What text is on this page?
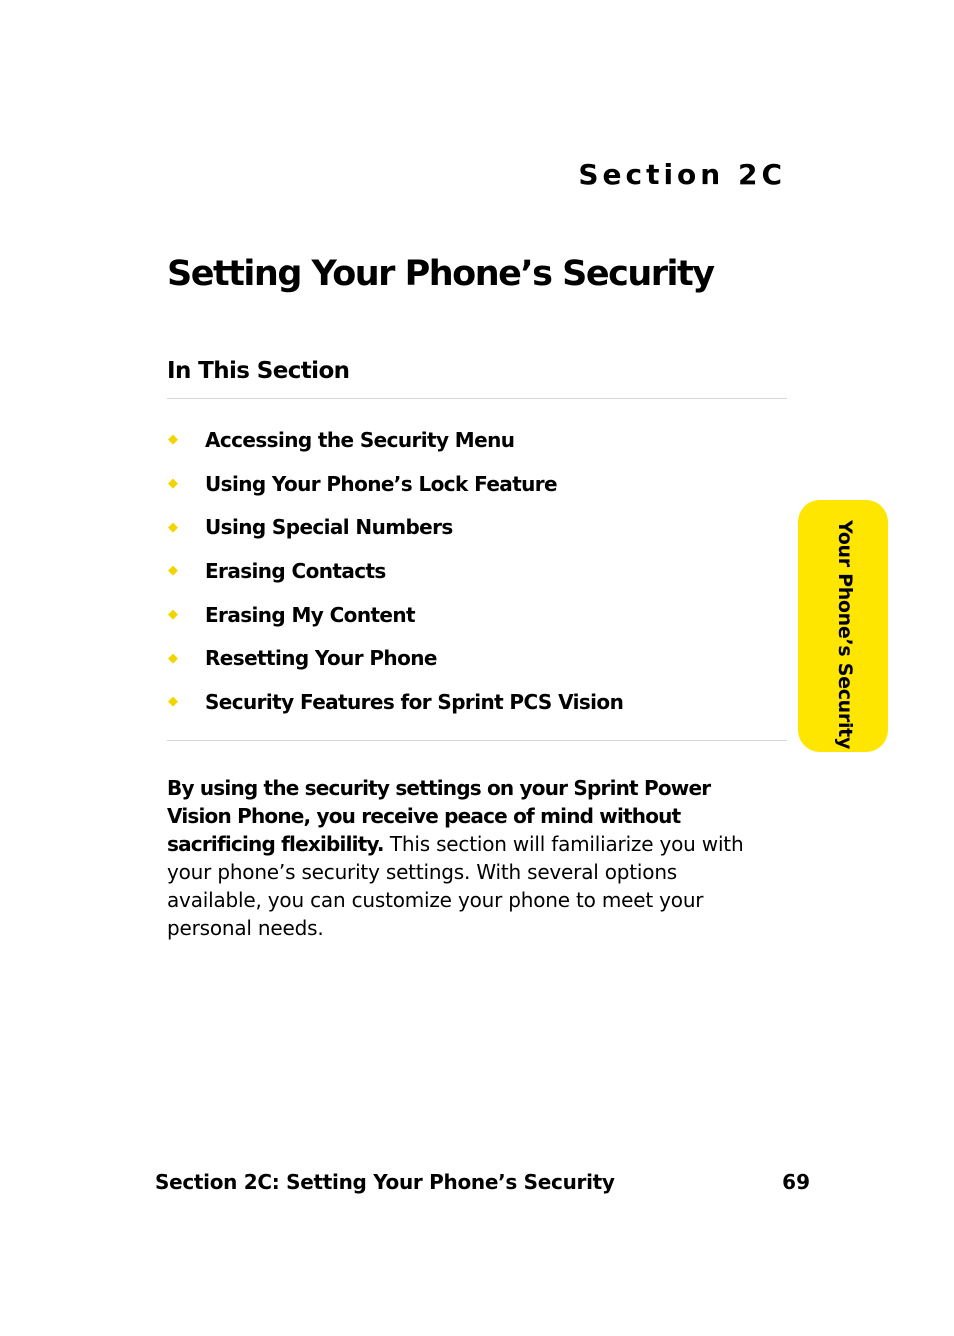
Section 2C
Setting Your Phone’s Security
In This Section
◆	Accessing the Security Menu
◆	Using Your Phone’s Lock Feature
◆	Using Special Numbers
◆	Erasing Contacts
◆	Erasing My Content
◆	Resetting Your Phone
◆	Security Features for Sprint PCS Vision

By using the security settings on your Sprint Power Vision Phone, you receive peace of mind without sacrificing flexibility. This section will familiarize you with your phone’s security settings. With several options available, you can customize your phone to meet your personal needs.

Your Phone’s Security
Section 2C: Setting Your Phone’s Security	69
